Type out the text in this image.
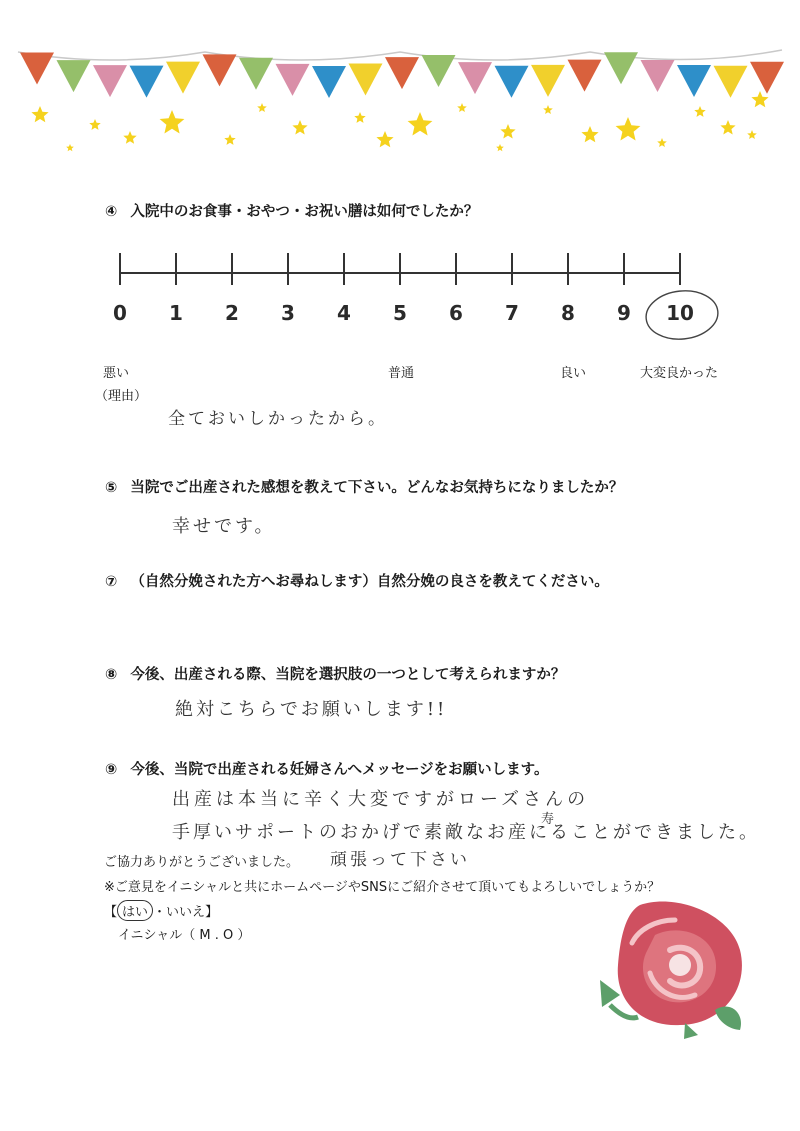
④ 入院中のお食事・おやつ・お祝い膳は如何でしたか？
0	1	2	3	4	5	6	7	8	9	10
悪い	普通	良い	大変良かった
（理由）
全ておいしかったから。
⑤ 当院でご出産された感想を教えて下さい。どんなお気持ちになりましたか？
幸せです。
⑦ （自然分娩された方へお尋ねします）自然分娩の良さを教えてください。
⑧ 今後、出産される際、当院を選択肢の一つとして考えられますか？
絶対こちらでお願いします!!
⑨ 今後、当院で出産される妊婦さんへメッセージをお願いします。
出産は本当に辛く大変ですがローズさんの
手厚いサポートのおかげで素敵なお産にることができました。
寿
ご協力ありがとうございました。 頑張って下さい
※ご意見をイニシャルと共にホームページやSNSにご紹介させて頂いてもよろしいでしょうか？
【 はい ・いいえ】
イニシャル（ M . O ）
